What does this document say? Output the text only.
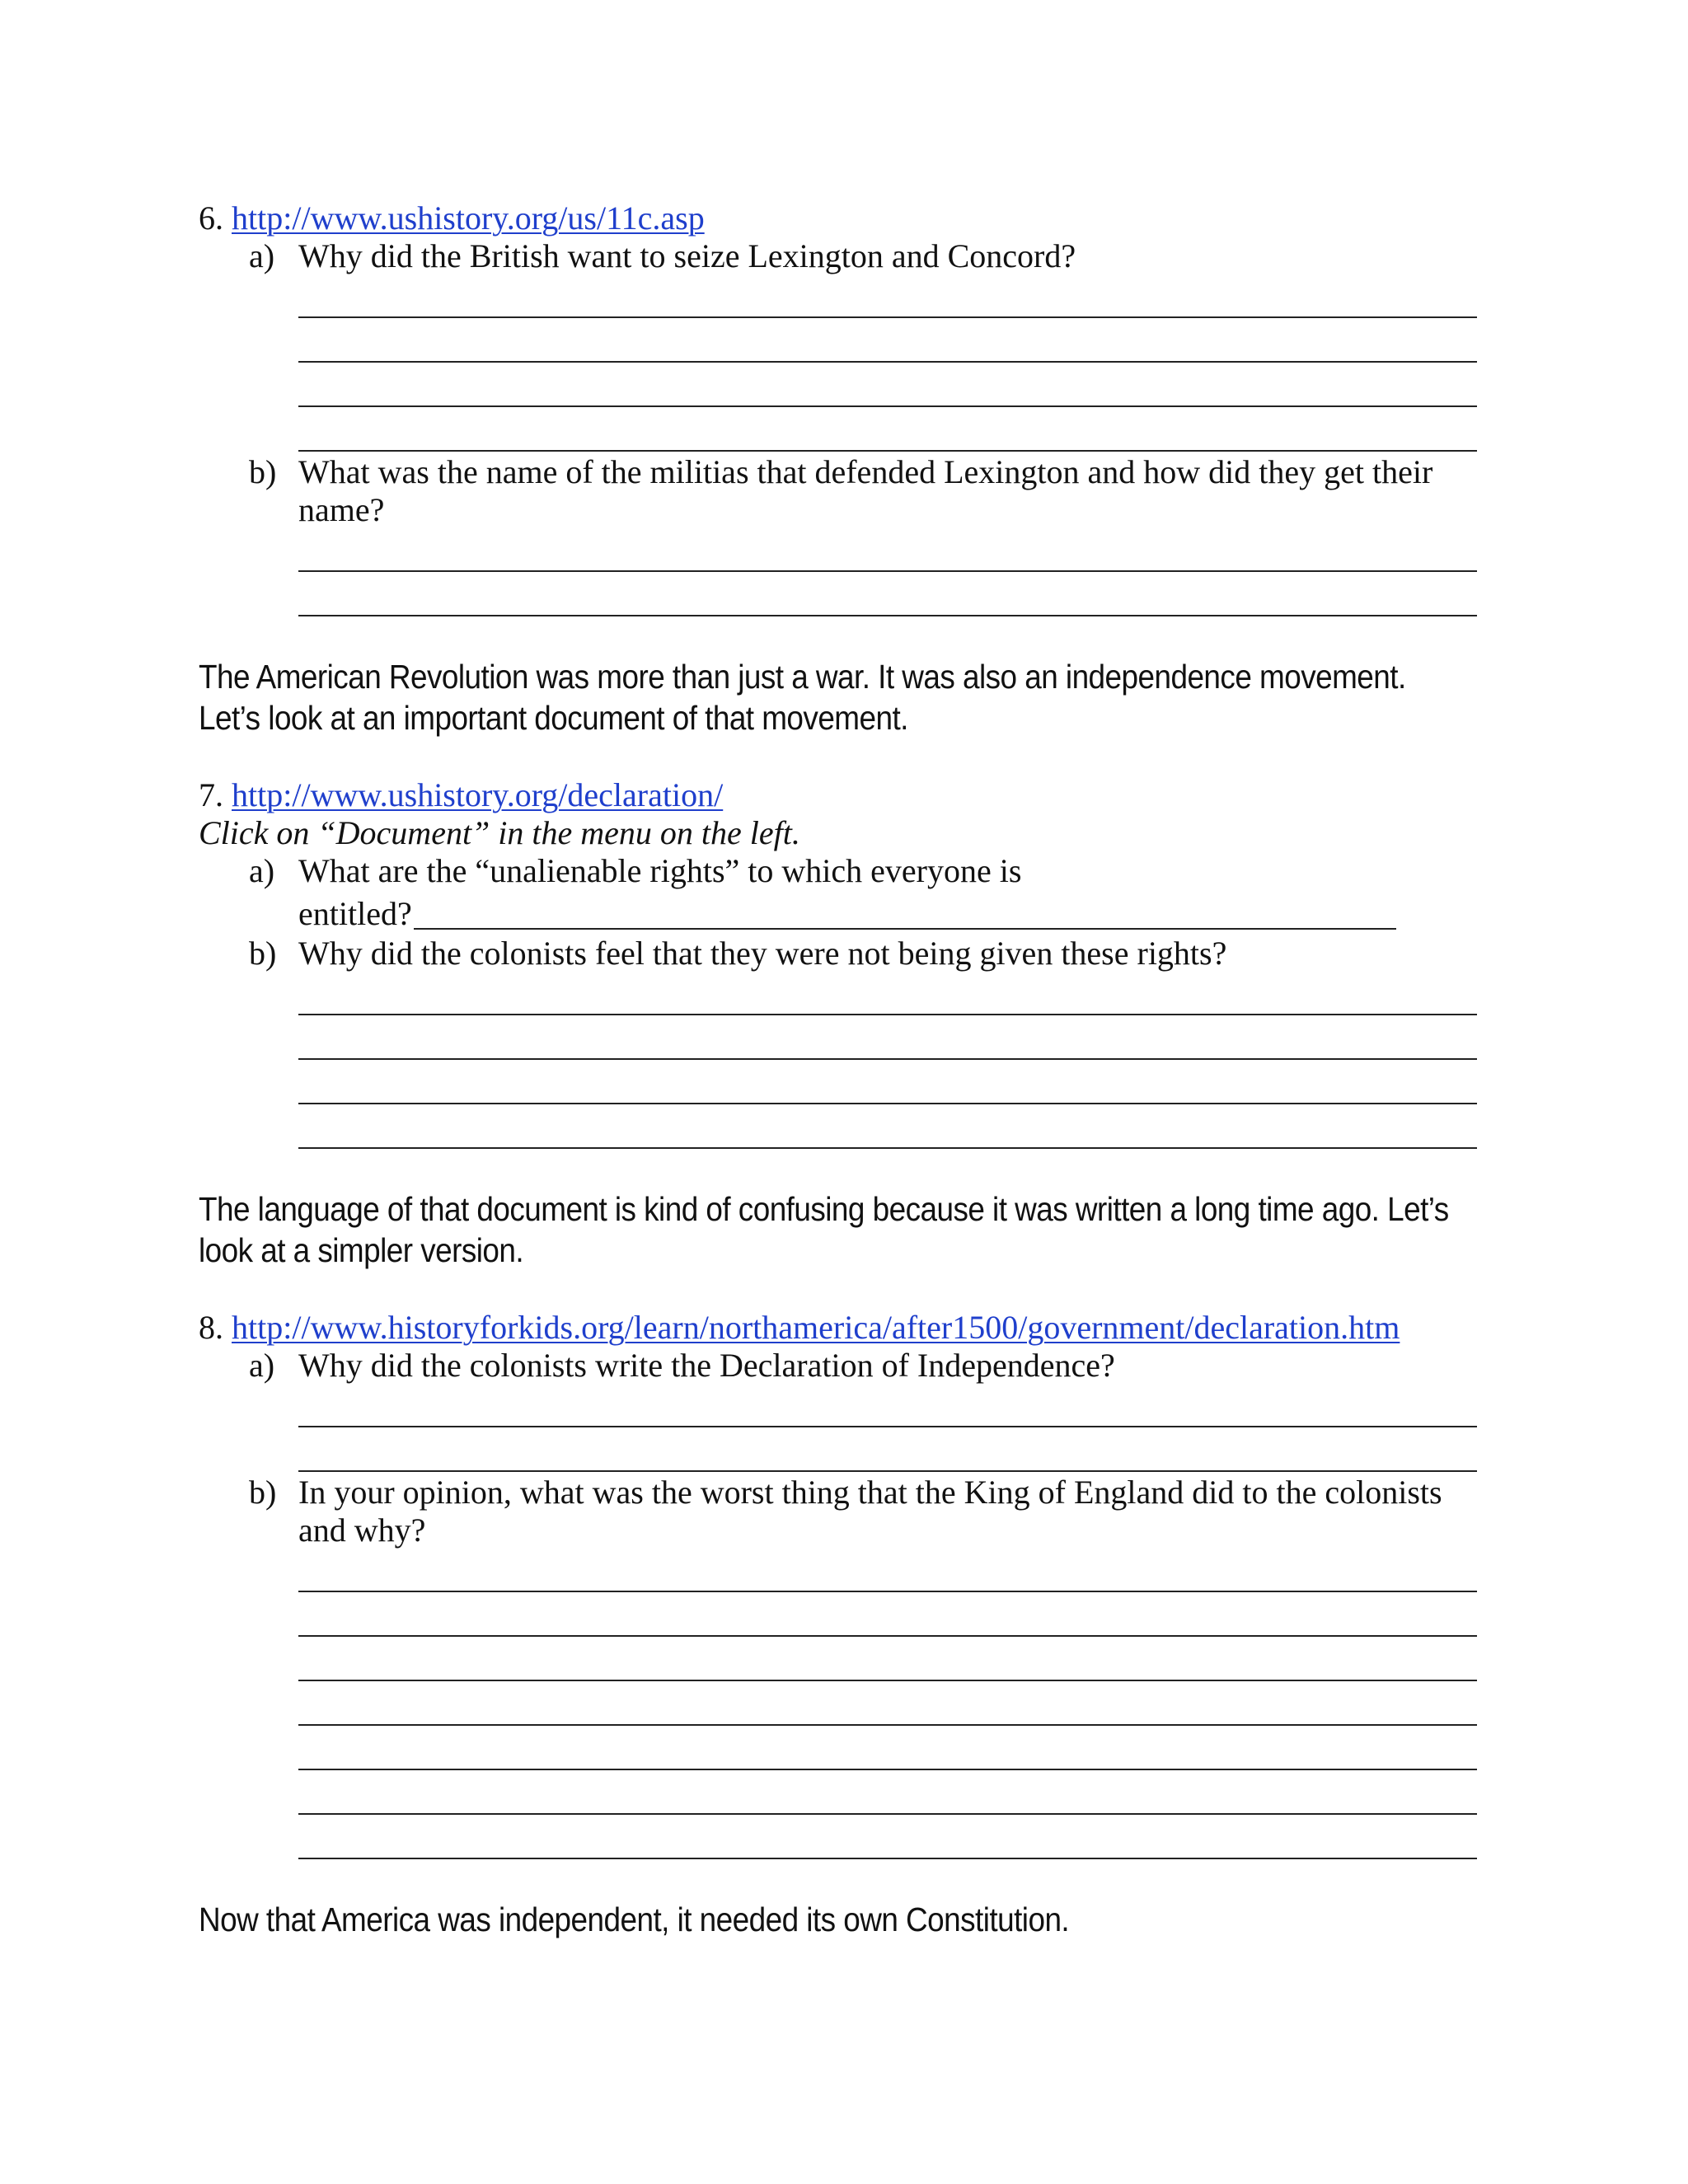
6. http://www.ushistory.org/us/11c.asp
a) Why did the British want to seize Lexington and Concord?
b) What was the name of the militias that defended Lexington and how did they get their
name?
The American Revolution was more than just a war. It was also an independence movement.
Let’s look at an important document of that movement.
7. http://www.ushistory.org/declaration/
Click on “Document” in the menu on the left.
a) What are the “unalienable rights” to which everyone is
entitled?
b) Why did the colonists feel that they were not being given these rights?
The language of that document is kind of confusing because it was written a long time ago. Let’s
look at a simpler version.
8. http://www.historyforkids.org/learn/northamerica/after1500/government/declaration.htm
a) Why did the colonists write the Declaration of Independence?
b) In your opinion, what was the worst thing that the King of England did to the colonists
and why?
Now that America was independent, it needed its own Constitution.
